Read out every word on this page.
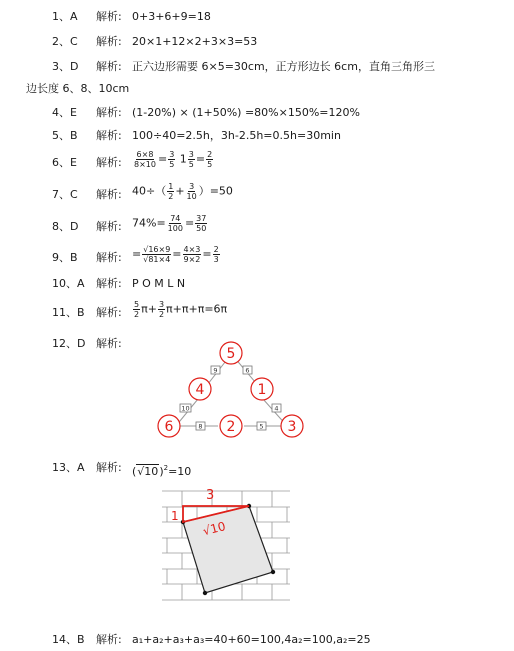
1、A 解析: 0+3+6+9=18
2、C 解析: 20×1+12×2+3×3=53
3、D 解析: 正六边形需要 6×5=30cm，正方形边长 6cm，直角三角形三
边长度 6、8、10cm
4、E 解析: (1-20%) × (1+50%) =80%×150%=120%
5、B 解析: 100÷40=2.5h，3h-2.5h=0.5h=30min
6、E 解析: $\frac{6\times 8}{8\times 10} = \frac{3}{5} 1 \frac{3}{5} = \frac{2}{5}$
7、C 解析: $40\div( \frac{1}{2} + \frac{3}{10} )=50$
8、D 解析: $74\%= \frac{74}{100} = \frac{37}{50}$
9、B 解析: = $\frac{√16\times 9}{√81\times 4} = \frac{4\times 3}{9\times 2} = \frac{2}{3}$
10、A 解析: P O M L N
11、B 解析: $\frac{5}{2} \pi+ \frac{3}{2} \pi+\pi+\pi=6\pi$
12、D 解析:
5
4	1
6	2	3
9	6
10	4
8	5
13、A 解析: $(√10)^2=10$
3
1
√10
14、B 解析: a₁+a₂+a₃+a₃=40+60=100,4a₂=100,a₂=25
